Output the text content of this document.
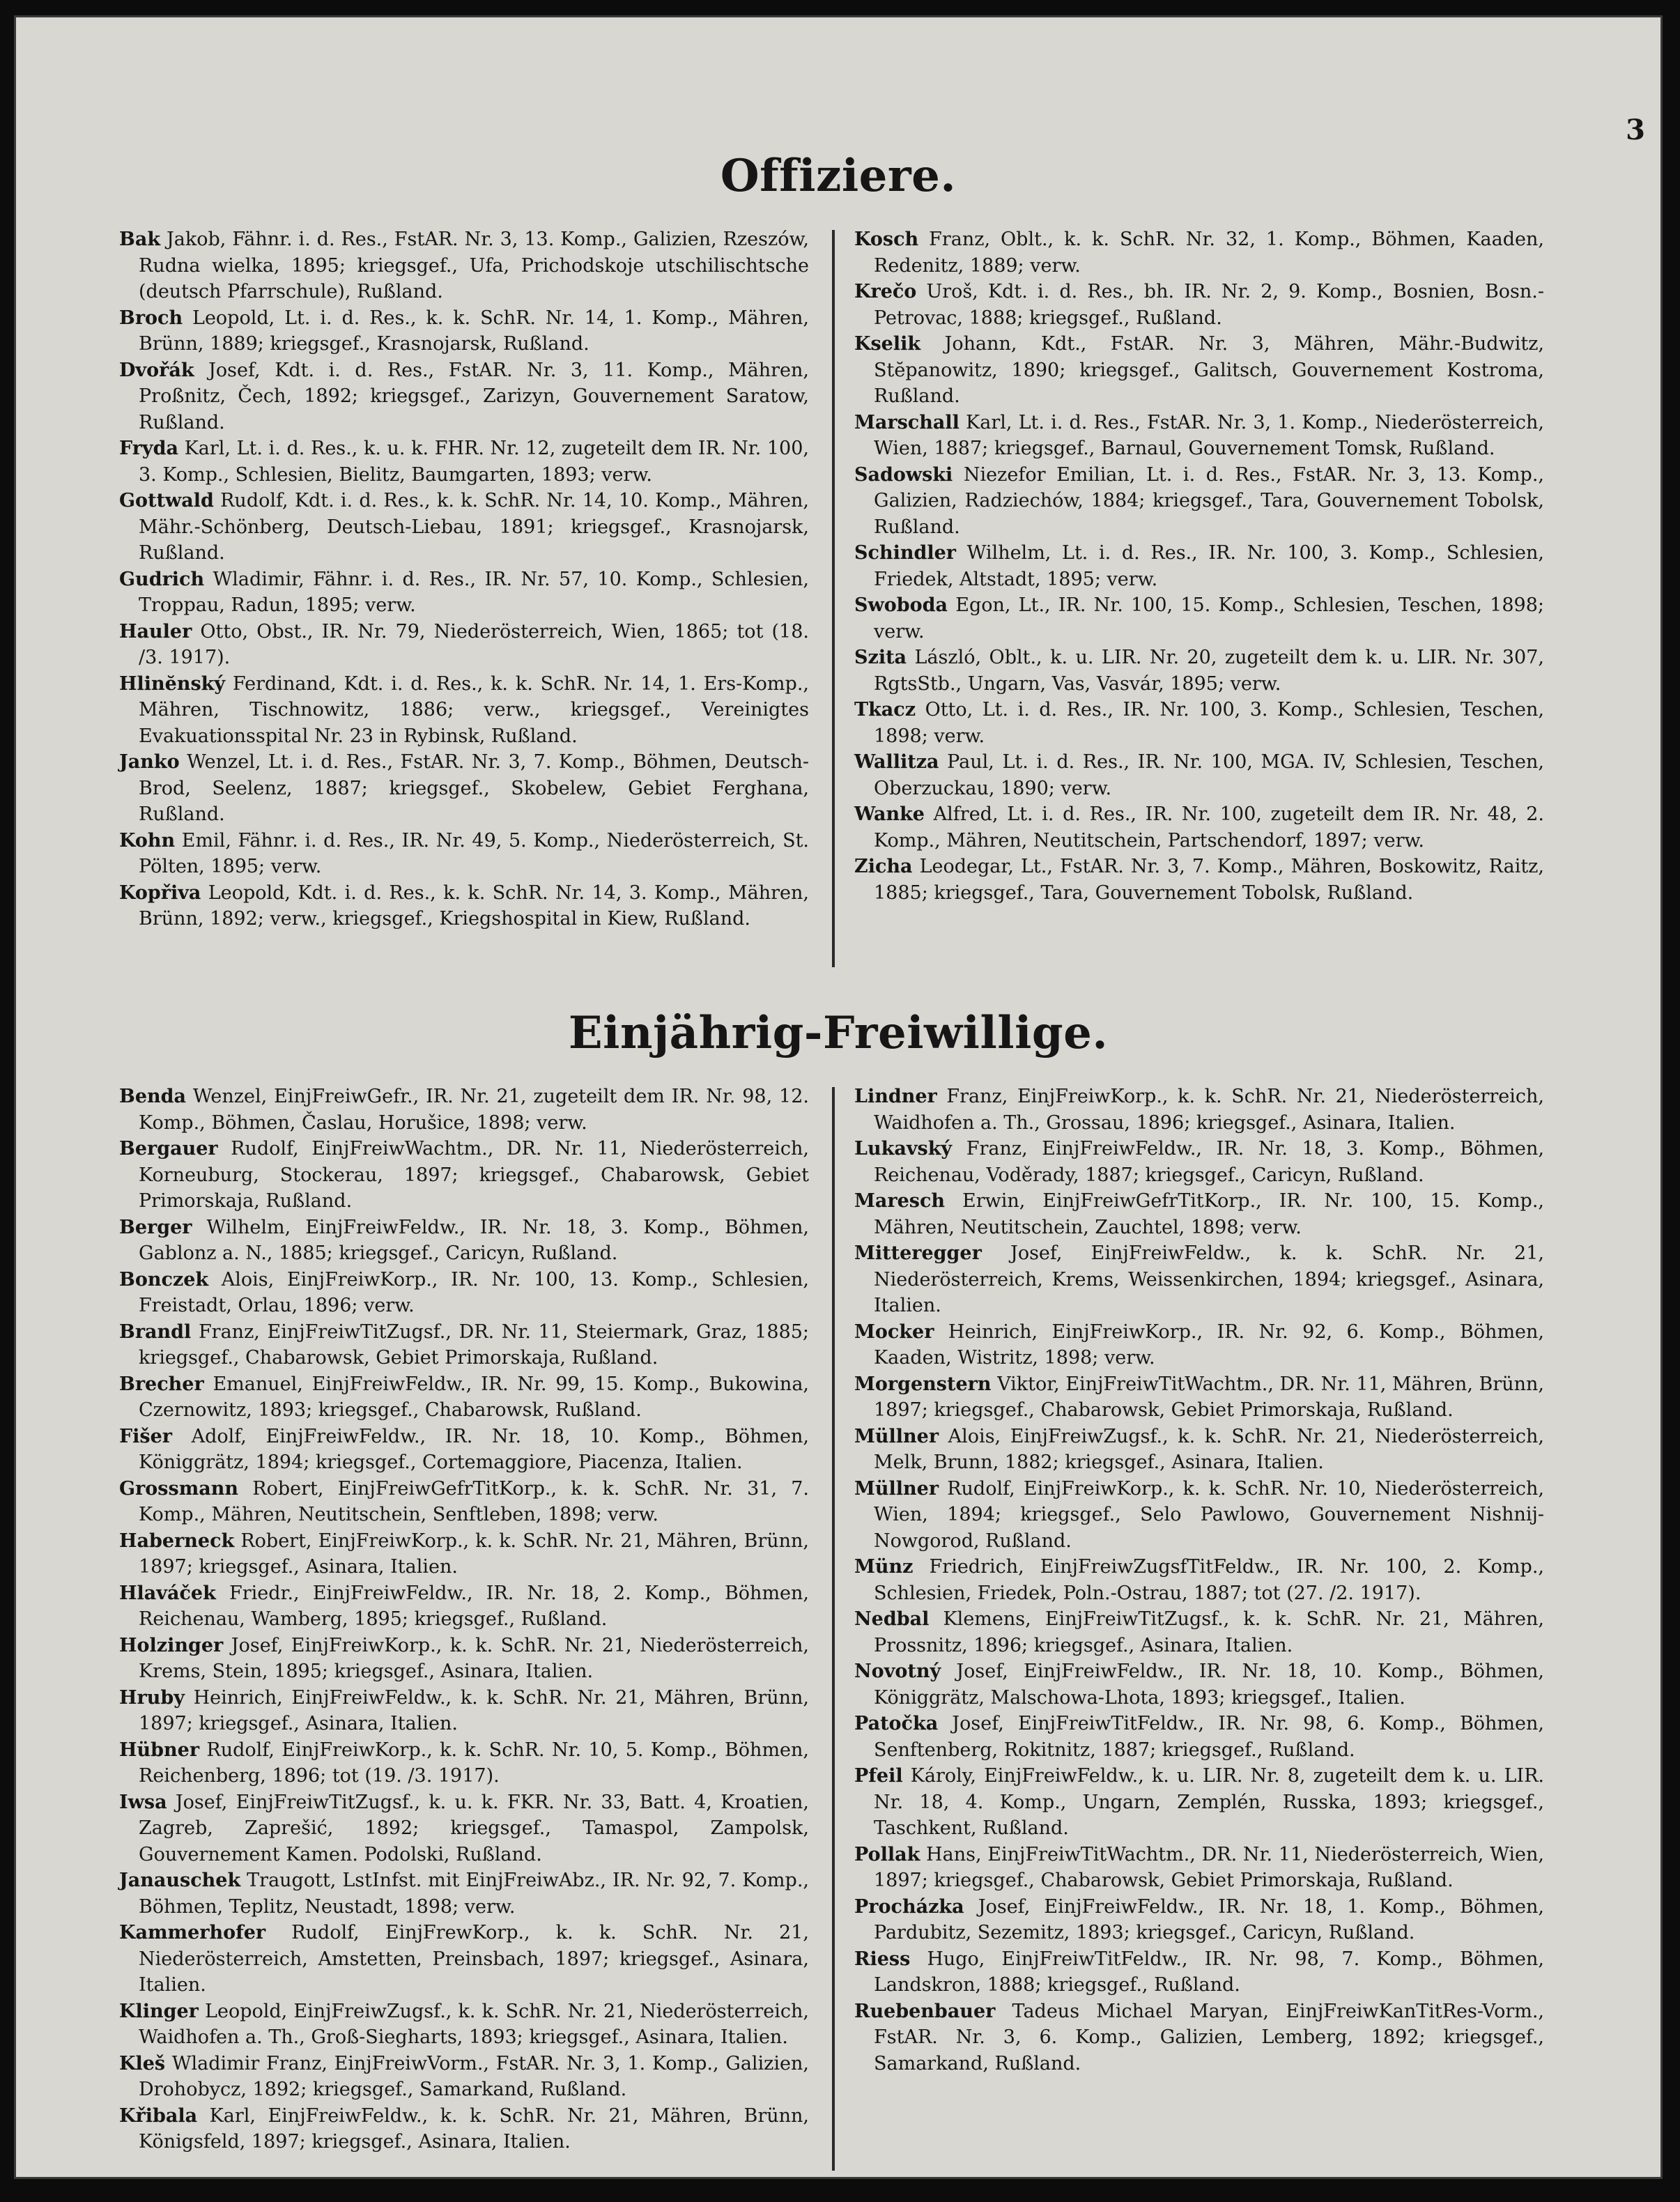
3
Offiziere.

Bak Jakob, Fähnr. i. d. Res., FstAR. Nr. 3, 13. Komp., Galizien, Rzeszów, Rudna wielka, 1895; kriegsgef., Ufa, Prichodskoje utschilischtsche (deutsch Pfarrschule), Rußland.

Broch Leopold, Lt. i. d. Res., k. k. SchR. Nr. 14, 1. Komp., Mähren, Brünn, 1889; kriegsgef., Krasnojarsk, Rußland.

Dvořák Josef, Kdt. i. d. Res., FstAR. Nr. 3, 11. Komp., Mähren, Proßnitz, Čech, 1892; kriegsgef., Zarizyn, Gouvernement Saratow, Rußland.

Fryda Karl, Lt. i. d. Res., k. u. k. FHR. Nr. 12, zugeteilt dem IR. Nr. 100, 3. Komp., Schlesien, Bielitz, Baumgarten, 1893; verw.

Gottwald Rudolf, Kdt. i. d. Res., k. k. SchR. Nr. 14, 10. Komp., Mähren, Mähr.-Schönberg, Deutsch-Liebau, 1891; kriegsgef., Krasnojarsk, Rußland.

Gudrich Wladimir, Fähnr. i. d. Res., IR. Nr. 57, 10. Komp., Schlesien, Troppau, Radun, 1895; verw.

Hauler Otto, Obst., IR. Nr. 79, Niederösterreich, Wien, 1865; tot (18. /3. 1917).

Hlinĕnský Ferdinand, Kdt. i. d. Res., k. k. SchR. Nr. 14, 1. Ers-Komp., Mähren, Tischnowitz, 1886; verw., kriegsgef., Vereinigtes Evakuationsspital Nr. 23 in Rybinsk, Rußland.

Janko Wenzel, Lt. i. d. Res., FstAR. Nr. 3, 7. Komp., Böhmen, Deutsch-Brod, Seelenz, 1887; kriegsgef., Skobelew, Gebiet Ferghana, Rußland.

Kohn Emil, Fähnr. i. d. Res., IR. Nr. 49, 5. Komp., Niederösterreich, St. Pölten, 1895; verw.

Kopřiva Leopold, Kdt. i. d. Res., k. k. SchR. Nr. 14, 3. Komp., Mähren, Brünn, 1892; verw., kriegsgef., Kriegshospital in Kiew, Rußland.

Kosch Franz, Oblt., k. k. SchR. Nr. 32, 1. Komp., Böhmen, Kaaden, Redenitz, 1889; verw.

Krečo Uroš, Kdt. i. d. Res., bh. IR. Nr. 2, 9. Komp., Bosnien, Bosn.-Petrovac, 1888; kriegsgef., Rußland.

Kselik Johann, Kdt., FstAR. Nr. 3, Mähren, Mähr.-Budwitz, Stĕpanowitz, 1890; kriegsgef., Galitsch, Gouvernement Kostroma, Rußland.

Marschall Karl, Lt. i. d. Res., FstAR. Nr. 3, 1. Komp., Niederösterreich, Wien, 1887; kriegsgef., Barnaul, Gouvernement Tomsk, Rußland.

Sadowski Niezefor Emilian, Lt. i. d. Res., FstAR. Nr. 3, 13. Komp., Galizien, Radziechów, 1884; kriegsgef., Tara, Gouvernement Tobolsk, Rußland.

Schindler Wilhelm, Lt. i. d. Res., IR. Nr. 100, 3. Komp., Schlesien, Friedek, Altstadt, 1895; verw.

Swoboda Egon, Lt., IR. Nr. 100, 15. Komp., Schlesien, Teschen, 1898; verw.

Szita László, Oblt., k. u. LIR. Nr. 20, zugeteilt dem k. u. LIR. Nr. 307, RgtsStb., Ungarn, Vas, Vasvár, 1895; verw.

Tkacz Otto, Lt. i. d. Res., IR. Nr. 100, 3. Komp., Schlesien, Teschen, 1898; verw.

Wallitza Paul, Lt. i. d. Res., IR. Nr. 100, MGA. IV, Schlesien, Teschen, Oberzuckau, 1890; verw.

Wanke Alfred, Lt. i. d. Res., IR. Nr. 100, zugeteilt dem IR. Nr. 48, 2. Komp., Mähren, Neutitschein, Partschendorf, 1897; verw.

Zicha Leodegar, Lt., FstAR. Nr. 3, 7. Komp., Mähren, Boskowitz, Raitz, 1885; kriegsgef., Tara, Gouvernement Tobolsk, Rußland.

Einjährig-Freiwillige.

Benda Wenzel, EinjFreiwGefr., IR. Nr. 21, zugeteilt dem IR. Nr. 98, 12. Komp., Böhmen, Časlau, Horušice, 1898; verw.

Bergauer Rudolf, EinjFreiwWachtm., DR. Nr. 11, Niederösterreich, Korneuburg, Stockerau, 1897; kriegsgef., Chabarowsk, Gebiet Primorskaja, Rußland.

Berger Wilhelm, EinjFreiwFeldw., IR. Nr. 18, 3. Komp., Böhmen, Gablonz a. N., 1885; kriegsgef., Caricyn, Rußland.

Bonczek Alois, EinjFreiwKorp., IR. Nr. 100, 13. Komp., Schlesien, Freistadt, Orlau, 1896; verw.

Brandl Franz, EinjFreiwTitZugsf., DR. Nr. 11, Steiermark, Graz, 1885; kriegsgef., Chabarowsk, Gebiet Primorskaja, Rußland.

Brecher Emanuel, EinjFreiwFeldw., IR. Nr. 99, 15. Komp., Bukowina, Czernowitz, 1893; kriegsgef., Chabarowsk, Rußland.

Fišer Adolf, EinjFreiwFeldw., IR. Nr. 18, 10. Komp., Böhmen, Königgrätz, 1894; kriegsgef., Cortemaggiore, Piacenza, Italien.

Grossmann Robert, EinjFreiwGefrTitKorp., k. k. SchR. Nr. 31, 7. Komp., Mähren, Neutitschein, Senftleben, 1898; verw.

Haberneck Robert, EinjFreiwKorp., k. k. SchR. Nr. 21, Mähren, Brünn, 1897; kriegsgef., Asinara, Italien.

Hlaváček Friedr., EinjFreiwFeldw., IR. Nr. 18, 2. Komp., Böhmen, Reichenau, Wamberg, 1895; kriegsgef., Rußland.

Holzinger Josef, EinjFreiwKorp., k. k. SchR. Nr. 21, Niederösterreich, Krems, Stein, 1895; kriegsgef., Asinara, Italien.

Hruby Heinrich, EinjFreiwFeldw., k. k. SchR. Nr. 21, Mähren, Brünn, 1897; kriegsgef., Asinara, Italien.

Hübner Rudolf, EinjFreiwKorp., k. k. SchR. Nr. 10, 5. Komp., Böhmen, Reichenberg, 1896; tot (19. /3. 1917).

Iwsa Josef, EinjFreiwTitZugsf., k. u. k. FKR. Nr. 33, Batt. 4, Kroatien, Zagreb, Zaprešić, 1892; kriegsgef., Tamaspol, Zampolsk, Gouvernement Kamen. Podolski, Rußland.

Janauschek Traugott, LstInfst. mit EinjFreiwAbz., IR. Nr. 92, 7. Komp., Böhmen, Teplitz, Neustadt, 1898; verw.

Kammerhofer Rudolf, EinjFrewKorp., k. k. SchR. Nr. 21, Niederösterreich, Amstetten, Preinsbach, 1897; kriegsgef., Asinara, Italien.

Klinger Leopold, EinjFreiwZugsf., k. k. SchR. Nr. 21, Niederösterreich, Waidhofen a. Th., Groß-Siegharts, 1893; kriegsgef., Asinara, Italien.

Kleš Wladimir Franz, EinjFreiwVorm., FstAR. Nr. 3, 1. Komp., Galizien, Drohobycz, 1892; kriegsgef., Samarkand, Rußland.

Křibala Karl, EinjFreiwFeldw., k. k. SchR. Nr. 21, Mähren, Brünn, Königsfeld, 1897; kriegsgef., Asinara, Italien.

Lindner Franz, EinjFreiwKorp., k. k. SchR. Nr. 21, Niederösterreich, Waidhofen a. Th., Grossau, 1896; kriegsgef., Asinara, Italien.

Lukavský Franz, EinjFreiwFeldw., IR. Nr. 18, 3. Komp., Böhmen, Reichenau, Voděrady, 1887; kriegsgef., Caricyn, Rußland.

Maresch Erwin, EinjFreiwGefrTitKorp., IR. Nr. 100, 15. Komp., Mähren, Neutitschein, Zauchtel, 1898; verw.

Mitteregger Josef, EinjFreiwFeldw., k. k. SchR. Nr. 21, Niederösterreich, Krems, Weissenkirchen, 1894; kriegsgef., Asinara, Italien.

Mocker Heinrich, EinjFreiwKorp., IR. Nr. 92, 6. Komp., Böhmen, Kaaden, Wistritz, 1898; verw.

Morgenstern Viktor, EinjFreiwTitWachtm., DR. Nr. 11, Mähren, Brünn, 1897; kriegsgef., Chabarowsk, Gebiet Primorskaja, Rußland.

Müllner Alois, EinjFreiwZugsf., k. k. SchR. Nr. 21, Niederösterreich, Melk, Brunn, 1882; kriegsgef., Asinara, Italien.

Müllner Rudolf, EinjFreiwKorp., k. k. SchR. Nr. 10, Niederösterreich, Wien, 1894; kriegsgef., Selo Pawlowo, Gouvernement Nishnij-Nowgorod, Rußland.

Münz Friedrich, EinjFreiwZugsfTitFeldw., IR. Nr. 100, 2. Komp., Schlesien, Friedek, Poln.-Ostrau, 1887; tot (27. /2. 1917).

Nedbal Klemens, EinjFreiwTitZugsf., k. k. SchR. Nr. 21, Mähren, Prossnitz, 1896; kriegsgef., Asinara, Italien.

Novotný Josef, EinjFreiwFeldw., IR. Nr. 18, 10. Komp., Böhmen, Königgrätz, Malschowa-Lhota, 1893; kriegsgef., Italien.

Patočka Josef, EinjFreiwTitFeldw., IR. Nr. 98, 6. Komp., Böhmen, Senftenberg, Rokitnitz, 1887; kriegsgef., Rußland.

Pfeil Károly, EinjFreiwFeldw., k. u. LIR. Nr. 8, zugeteilt dem k. u. LIR. Nr. 18, 4. Komp., Ungarn, Zemplén, Russka, 1893; kriegsgef., Taschkent, Rußland.

Pollak Hans, EinjFreiwTitWachtm., DR. Nr. 11, Niederösterreich, Wien, 1897; kriegsgef., Chabarowsk, Gebiet Primorskaja, Rußland.

Procházka Josef, EinjFreiwFeldw., IR. Nr. 18, 1. Komp., Böhmen, Pardubitz, Sezemitz, 1893; kriegsgef., Caricyn, Rußland.

Riess Hugo, EinjFreiwTitFeldw., IR. Nr. 98, 7. Komp., Böhmen, Landskron, 1888; kriegsgef., Rußland.

Ruebenbauer Tadeus Michael Maryan, EinjFreiwKanTitRes-Vorm., FstAR. Nr. 3, 6. Komp., Galizien, Lemberg, 1892; kriegsgef., Samarkand, Rußland.
